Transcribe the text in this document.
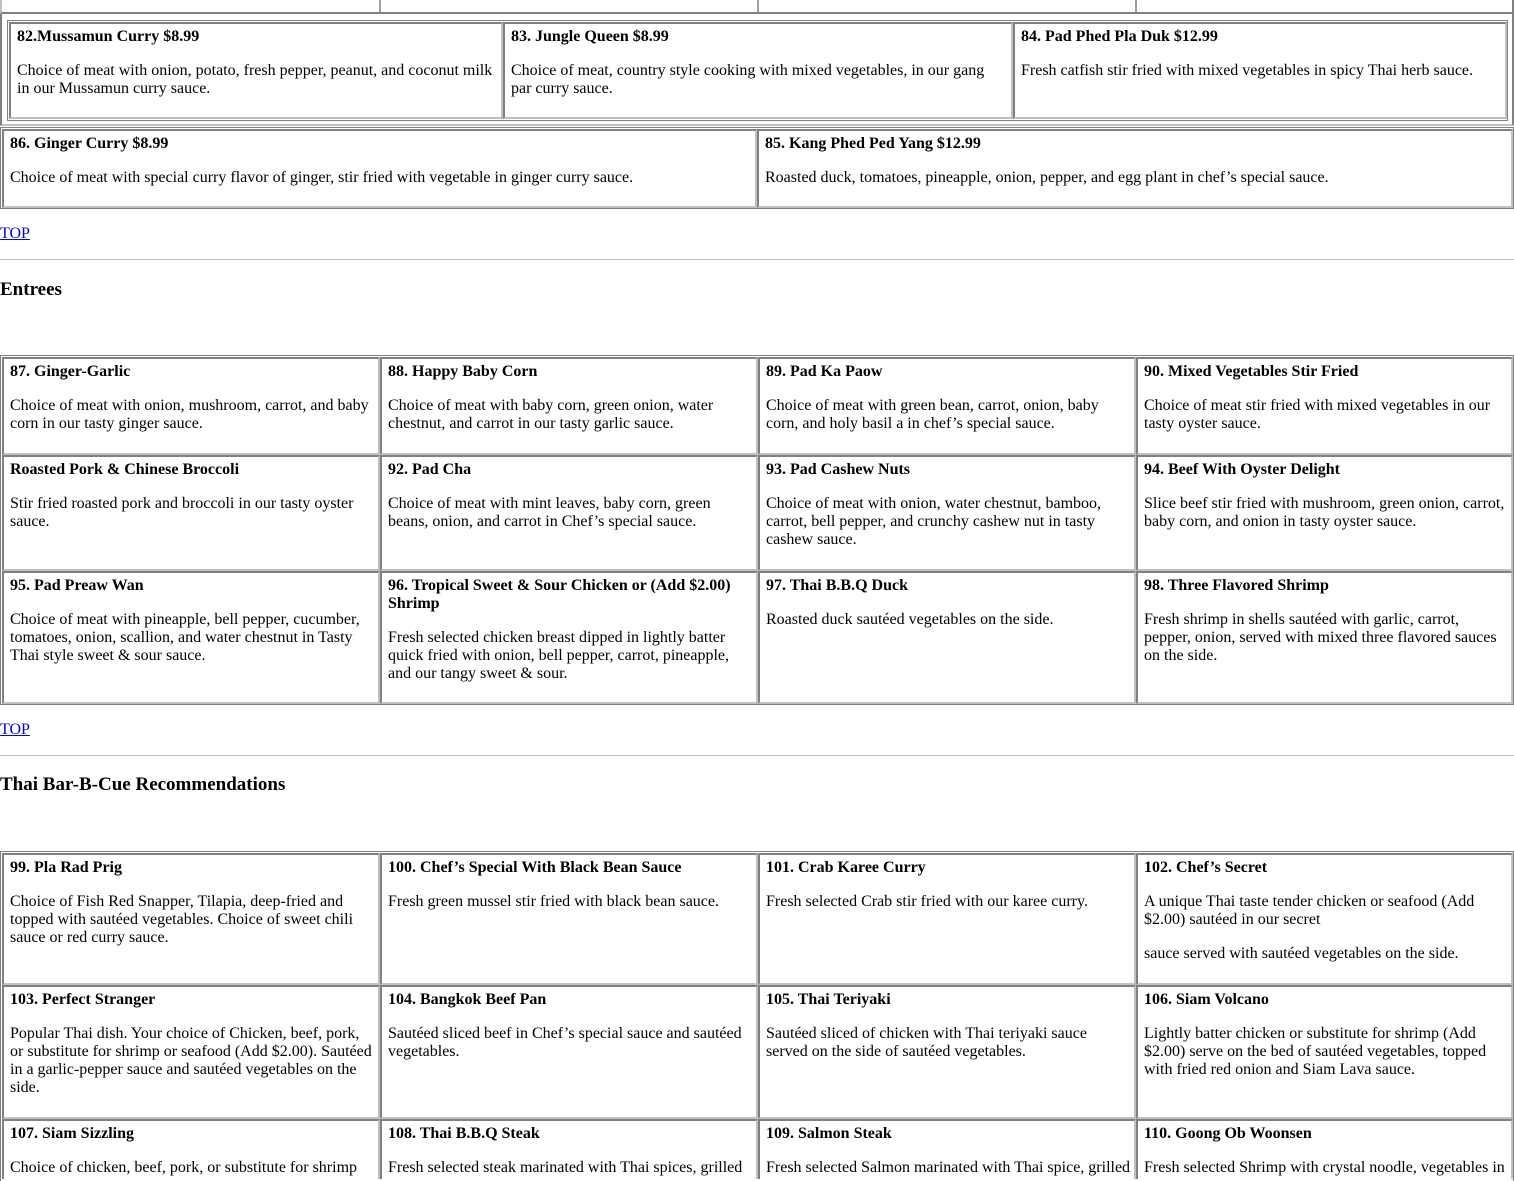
82.Mussamun Curry $8.99
Choice of meat with onion, potato, fresh pepper, peanut, and coconut milk in our Mussamun curry sauce.
83. Jungle Queen $8.99
Choice of meat, country style cooking with mixed vegetables, in our gang par curry sauce.
84. Pad Phed Pla Duk $12.99
Fresh catfish stir fried with mixed vegetables in spicy Thai herb sauce.
86. Ginger Curry $8.99
Choice of meat with special curry flavor of ginger, stir fried with vegetable in ginger curry sauce.
85. Kang Phed Ped Yang $12.99
Roasted duck, tomatoes, pineapple, onion, pepper, and egg plant in chef’s special sauce.
TOP
Entrees
87. Ginger-Garlic
Choice of meat with onion, mushroom, carrot, and baby corn in our tasty ginger sauce.
88. Happy Baby Corn
Choice of meat with baby corn, green onion, water chestnut, and carrot in our tasty garlic sauce.
89. Pad Ka Paow
Choice of meat with green bean, carrot, onion, baby corn, and holy basil a in chef’s special sauce.
90. Mixed Vegetables Stir Fried
Choice of meat stir fried with mixed vegetables in our tasty oyster sauce.
Roasted Pork & Chinese Broccoli
Stir fried roasted pork and broccoli in our tasty oyster sauce.
92. Pad Cha
Choice of meat with mint leaves, baby corn, green beans, onion, and carrot in Chef’s special sauce.
93. Pad Cashew Nuts
Choice of meat with onion, water chestnut, bamboo, carrot, bell pepper, and crunchy cashew nut in tasty cashew sauce.
94. Beef With Oyster Delight
Slice beef stir fried with mushroom, green onion, carrot, baby corn, and onion in tasty oyster sauce.
95. Pad Preaw Wan
Choice of meat with pineapple, bell pepper, cucumber, tomatoes, onion, scallion, and water chestnut in Tasty Thai style sweet & sour sauce.
96. Tropical Sweet & Sour Chicken or (Add $2.00) Shrimp
Fresh selected chicken breast dipped in lightly batter quick fried with onion, bell pepper, carrot, pineapple, and our tangy sweet & sour.
97. Thai B.B.Q Duck
Roasted duck sautéed vegetables on the side.
98. Three Flavored Shrimp
Fresh shrimp in shells sautéed with garlic, carrot, pepper, onion, served with mixed three flavored sauces on the side.
TOP
Thai Bar-B-Cue Recommendations
99. Pla Rad Prig
Choice of Fish Red Snapper, Tilapia, deep-fried and topped with sautéed vegetables. Choice of sweet chili sauce or red curry sauce.
100. Chef’s Special With Black Bean Sauce
Fresh green mussel stir fried with black bean sauce.
101. Crab Karee Curry
Fresh selected Crab stir fried with our karee curry.
102. Chef’s Secret
A unique Thai taste tender chicken or seafood (Add $2.00) sautéed in our secret
sauce served with sautéed vegetables on the side.
103. Perfect Stranger
Popular Thai dish. Your choice of Chicken, beef, pork, or substitute for shrimp or seafood (Add $2.00). Sautéed in a garlic-pepper sauce and sautéed vegetables on the side.
104. Bangkok Beef Pan
Sautéed sliced beef in Chef’s special sauce and sautéed vegetables.
105. Thai Teriyaki
Sautéed sliced of chicken with Thai teriyaki sauce served on the side of sautéed vegetables.
106. Siam Volcano
Lightly batter chicken or substitute for shrimp (Add $2.00) serve on the bed of sautéed vegetables, topped with fried red onion and Siam Lava sauce.
107. Siam Sizzling
Choice of chicken, beef, pork, or substitute for shrimp
108. Thai B.B.Q Steak
Fresh selected steak marinated with Thai spices, grilled
109. Salmon Steak
Fresh selected Salmon marinated with Thai spice, grilled
110. Goong Ob Woonsen
Fresh selected Shrimp with crystal noodle, vegetables in
